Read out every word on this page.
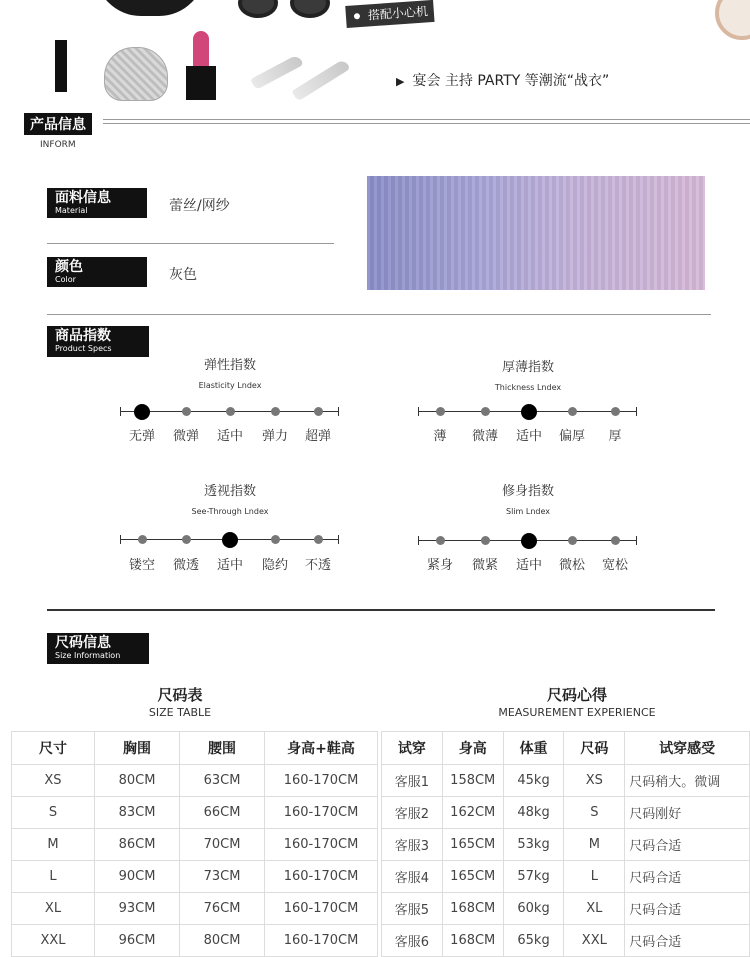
搭配小心机
▶ 宴会 主持 PARTY 等潮流“战衣”
产品信息
INFORM
面料信息
Material	蕾丝/网纱
颜色
Color	灰色
商品指数
Product Specs
弹性指数
Elasticity Lndex
无弹	微弹	适中	弹力	超弹
厚薄指数
Thickness Lndex
薄	微薄	适中	偏厚	厚
透视指数
See-Through Lndex
镂空	微透	适中	隐约	不透
修身指数
Slim Lndex
紧身	微紧	适中	微松	宽松
尺码信息
Size Information
尺码表
SIZE TABLE
尺码心得
MEASUREMENT EXPERIENCE
尺寸	胸围	腰围	身高+鞋高
XS	80CM	63CM	160-170CM
S	83CM	66CM	160-170CM
M	86CM	70CM	160-170CM
L	90CM	73CM	160-170CM
XL	93CM	76CM	160-170CM
XXL	96CM	80CM	160-170CM
试穿	身高	体重	尺码	试穿感受
客服1	158CM	45kg	XS	尺码稍大。微调
客服2	162CM	48kg	S	尺码刚好
客服3	165CM	53kg	M	尺码合适
客服4	165CM	57kg	L	尺码合适
客服5	168CM	60kg	XL	尺码合适
客服6	168CM	65kg	XXL	尺码合适
